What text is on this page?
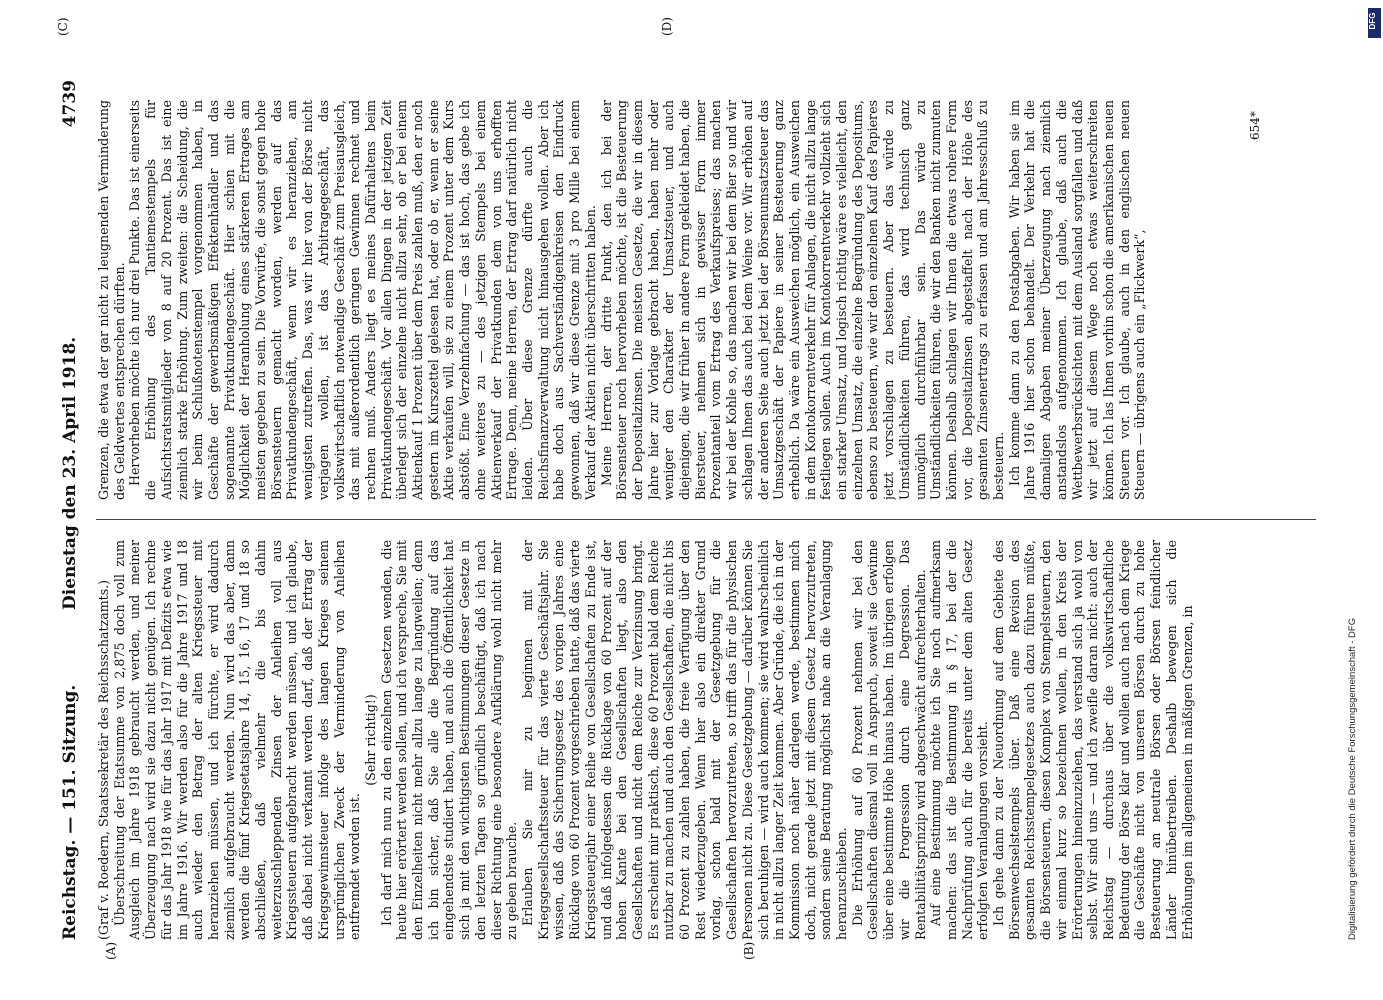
Reichstag. — 151. Sitzung.
Dienstag den 23. April 1918.
4739
(A)	(B)
(C)	(D)

(Graf v. Roedern, Staatssekretär des Reichsschatzamts.) Überschreitung der Etatsumme von 2,875 doch voll zum Ausgleich im Jahre 1918 gebraucht werden, und meiner Überzeugung nach wird sie dazu nicht genügen. Ich rechne für das Jahr 1918 wie für das Jahr 1917 mit Defizits etwa wie im Jahre 1916. Wir werden also für die Jahre 1917 und 18 auch wieder den Betrag der alten Kriegssteuer mit heranziehen müssen, und ich fürchte, er wird dadurch ziemlich aufgebraucht werden. Nun wird das aber, dann werden die fünf Kriegsetatsjahre 14, 15, 16, 17 und 18 so abschließen, daß vielmehr die bis dahin weiterzuschleppenden Zinsen der Anleihen voll aus Kriegssteuern aufgebracht werden müssen, und ich glaube, daß dabei nicht verkannt werden darf, daß der Ertrag der Kriegsgewinnsteuer infolge des langen Krieges seinem ursprünglichen Zweck der Verminderung von Anleihen entfremdet worden ist.

(Sehr richtig!) Ich darf mich nun zu den einzelnen Gesetzen wenden, die heute hier erörtert werden sollen, und ich verspreche, Sie mit den Einzelheiten nicht mehr allzu lange zu langweilen; denn ich bin sicher, daß Sie alle die Begründung auf das eingehendste studiert haben, und auch die Öffentlichkeit hat sich ja mit den wichtigsten Bestimmungen dieser Gesetze in den letzten Tagen so gründlich beschäftigt, daß ich nach dieser Richtung eine besondere Aufklärung wohl nicht mehr zu geben brauche. Erlauben Sie mir zu beginnen mit der Kriegsgesellschaftssteuer für das vierte Geschäftsjahr. Sie wissen, daß das Sicherungsgesetz des vorigen Jahres eine Rücklage von 60 Prozent vorgeschrieben hatte, daß das vierte Kriegssteuerjahr einer Reihe von Gesellschaften zu Ende ist, und daß infolgedessen die Rücklage von 60 Prozent auf der hohen Kante bei den Gesellschaften liegt, also den Gesellschaften und nicht dem Reiche zur Verzinsung bringt. Es erscheint mir praktisch, diese 60 Prozent bald dem Reiche nutzbar zu machen und auch den Gesellschaften, die nicht bis 60 Prozent zu zahlen haben, die freie Verfügung über den Rest wiederzugeben. Wenn hier also ein direkter Grund vorlag, schon bald mit der Gesetzgebung für die Gesellschaften hervorzutreten, so trifft das für die physischen Personen nicht zu. Diese Gesetzgebung — darüber können Sie sich beruhigen — wird auch kommen; sie wird wahrscheinlich in nicht allzu langer Zeit kommen. Aber Gründe, die ich in der Kommission noch näher darlegen werde, bestimmen mich doch, nicht gerade jetzt mit diesem Gesetz hervorzutreten, sondern seine Beratung möglichst nahe an die Veranlagung heranzuschieben. Die Erhöhung auf 60 Prozent nehmen wir bei den Gesellschaften diesmal voll in Anspruch, soweit sie Gewinne über eine bestimmte Höhe hinaus haben. Im übrigen erfolgen wir die Progression durch eine Degression. Das Rentabilitätsprinzip wird abgeschwächt aufrechterhalten. Auf eine Bestimmung möchte ich Sie noch aufmerksam machen: das ist die Bestimmung in § 17, bei der die Nachprüfung auch für die bereits unter dem alten Gesetz erfolgten Veranlagungen vorsieht. Ich gehe dann zu der Neuordnung auf dem Gebiete des Börsenwechselstempels über. Daß eine Revision des gesamten Reichsstempelgesetzes auch dazu führen müßte, die Börsensteuern, diesen Komplex von Stempelsteuern, den wir einmal kurz so bezeichnen wollen, in den Kreis der Erörterungen hineinzuziehen, das verstand sich ja wohl von selbst. Wir sind uns — und ich zweifle daran nicht: auch der Reichstag — durchaus über die volkswirtschaftliche Bedeutung der Börse klar und wollen auch nach dem Kriege die Geschäfte nicht von unseren Börsen durch zu hohe Besteuerung an neutrale Börsen oder Börsen feindlicher Länder hinübertreiben. Deshalb bewegen sich die Erhöhungen im allgemeinen in mäßigen Grenzen, in

Grenzen, die etwa der gar nicht zu leugnenden Verminderung des Geldwertes entsprechen dürften. Hervorheben möchte ich nur drei Punkte. Das ist einerseits die Erhöhung des Tantiemestempels für Aufsichtsratsmitglieder von 8 auf 20 Prozent. Das ist eine ziemlich starke Erhöhung. Zum zweiten: die Scheidung, die wir beim Schlußnotenstempel vorgenommen haben, in Geschäfte der gewerbsmäßigen Effektenhändler und das sogenannte Privatkundengeschäft. Hier schien mit die Möglichkeit der Heranholung eines stärkeren Ertrages am meisten gegeben zu sein. Die Vorwürfe, die sonst gegen hohe Börsensteuern gemacht worden, werden auf das Privatkundengeschäft, wenn wir es heranziehen, am wenigsten zutreffen. Das, was wir hier von der Börse nicht verjagen wollen, ist das Arbitragegeschäft, das volkswirtschaftlich notwendige Geschäft zum Preisausgleich, das mit außerordentlich geringen Gewinnen rechnet und rechnen muß. Anders liegt es meines Dafürhaltens beim Privatkundengeschäft. Vor allen Dingen in der jetzigen Zeit überlegt sich der einzelne nicht allzu sehr, ob er bei einem Aktienkauf 1 Prozent über dem Preis zahlen muß, den er noch gestern im Kurszettel gelesen hat, oder ob er, wenn er seine Aktie verkaufen will, sie zu einem Prozent unter dem Kurs abstößt. Eine Verzehnfachung — das ist hoch, das gebe ich ohne weiteres zu — des jetzigen Stempels bei einem Aktienverkauf der Privatkunden dem von uns erhofften Ertrage. Denn, meine Herren, der Ertrag darf natürlich nicht leiden. Über diese Grenze dürfte auch die Reichsfinanzverwaltung nicht hinausgehen wollen. Aber ich habe doch aus Sachverständigenkreisen den Eindruck gewonnen, daß wir diese Grenze mit 3 pro Mille bei einem Verkauf der Aktien nicht überschritten haben. Meine Herren, der dritte Punkt, den ich bei der Börsensteuer noch hervorheben möchte, ist die Besteuerung der Depositalzinsen. Die meisten Gesetze, die wir in diesem Jahre hier zur Vorlage gebracht haben, haben mehr oder weniger den Charakter der Umsatzsteuer, und auch diejenigen, die wir früher in andere Form gekleidet haben, die Biersteuer, nehmen sich in gewisser Form immer Prozentanteil vom Ertrag des Verkaufspreises; das machen wir bei der Kohle so, das machen wir bei dem Bier so und wir schlagen Ihnen das auch bei dem Weine vor. Wir erhöhen auf der anderen Seite auch jetzt bei der Börsenumsatzsteuer das Umsatzgeschäft der Papiere in seiner Besteuerung ganz erheblich. Da wäre ein Ausweichen möglich, ein Ausweichen in dem Kontokorrentverkehr für Anlagen, die nicht allzu lange festliegen sollen. Auch im Kontokorrentverkehr vollzieht sich ein starker Umsatz, und logisch richtig wäre es vielleicht, den einzelnen Umsatz, die einzelne Begründung des Depositums, ebenso zu besteuern, wie wir den einzelnen Kauf des Papieres jetzt vorschlagen zu besteuern. Aber das würde zu Umständlichkeiten führen, das wird technisch ganz unmöglich durchführbar sein. Das würde zu Umständlichkeiten führen, die wir den Banken nicht zumuten können. Deshalb schlagen wir Ihnen die etwas rohere Form vor, die Depositalzinsen abgestaffelt nach der Höhe des gesamten Zinsenertrags zu erfassen und am Jahresschluß zu besteuern. Ich komme dann zu den Postabgaben. Wir haben sie im Jahre 1916 hier schon behandelt. Der Verkehr hat die damaligen Abgaben meiner Überzeugung nach ziemlich anstandslos aufgenommen. Ich glaube, daß auch die Wettbewerbsrücksichten mit dem Ausland sorgfallen und daß wir jetzt auf diesem Wege noch etwas weiterschreiten können. Ich las Ihnen vorhin schon die amerikanischen neuen Steuern vor. Ich glaube, auch in den englischen neuen Steuern — übrigens auch ein „Flickwerk“,

654*
Digitalisierung gefördert durch die Deutsche Forschungsgemeinschaft - DFG
DFG
